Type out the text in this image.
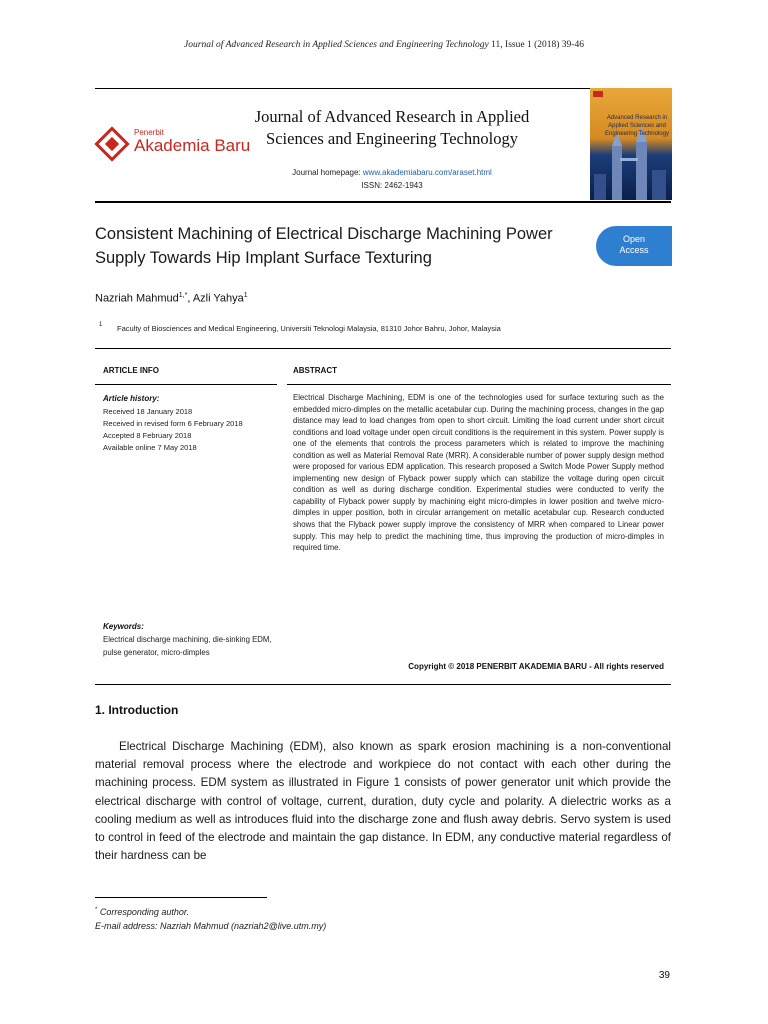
Journal of Advanced Research in Applied Sciences and Engineering Technology 11, Issue 1 (2018) 39-46
Penerbit
Akademia Baru
Journal of Advanced Research in Applied
Sciences and Engineering Technology
Journal homepage: www.akademiabaru.com/araset.html
ISSN: 2462-1943
Advanced Research in
Applied Sciences and
Engineering Technology
Consistent Machining of Electrical Discharge Machining Power
Supply Towards Hip Implant Surface Texturing
Open
Access
Nazriah Mahmud$^{1,*}$, Azli Yahya$^1$
1 Faculty of Biosciences and Medical Engineering, Universiti Teknologi Malaysia, 81310 Johor Bahru, Johor, Malaysia
ARTICLE INFO	ABSTRACT
Article history:
Received 18 January 2018
Received in revised form 6 February 2018
Accepted 8 February 2018
Available online 7 May 2018
Keywords:
Electrical discharge machining, die-sinking EDM, pulse generator, micro-dimples
Electrical Discharge Machining, EDM is one of the technologies used for surface texturing such as the embedded micro-dimples on the metallic acetabular cup. During the machining process, changes in the gap distance may lead to load changes from open to short circuit. Limiting the load current under short circuit conditions and load voltage under open circuit conditions is the requirement in this system. Power supply is one of the elements that controls the process parameters which is related to improve the machining condition as well as Material Removal Rate (MRR). A considerable number of power supply design method were proposed for various EDM application. This research proposed a Switch Mode Power Supply method implementing new design of Flyback power supply which can stabilize the voltage during open circuit condition as well as during discharge condition. Experimental studies were conducted to verify the capability of Flyback power supply by machining eight micro-dimples in lower position and twelve micro-dimples in upper position, both in circular arrangement on metallic acetabular cup. Research conducted shows that the Flyback power supply improve the consistency of MRR when compared to Linear power supply. This may help to predict the machining time, thus improving the production of micro-dimples in required time.
Copyright © 2018 PENERBIT AKADEMIA BARU - All rights reserved
1. Introduction

Electrical Discharge Machining (EDM), also known as spark erosion machining is a non-conventional material removal process where the electrode and workpiece do not contact with each other during the machining process. EDM system as illustrated in Figure 1 consists of power generator unit which provide the electrical discharge with control of voltage, current, duration, duty cycle and polarity. A dielectric works as a cooling medium as well as introduces fluid into the discharge zone and flush away debris. Servo system is used to control in feed of the electrode and maintain the gap distance. In EDM, any conductive material regardless of their hardness can be

* Corresponding author.
E-mail address: Nazriah Mahmud (nazriah2@live.utm.my)
39
